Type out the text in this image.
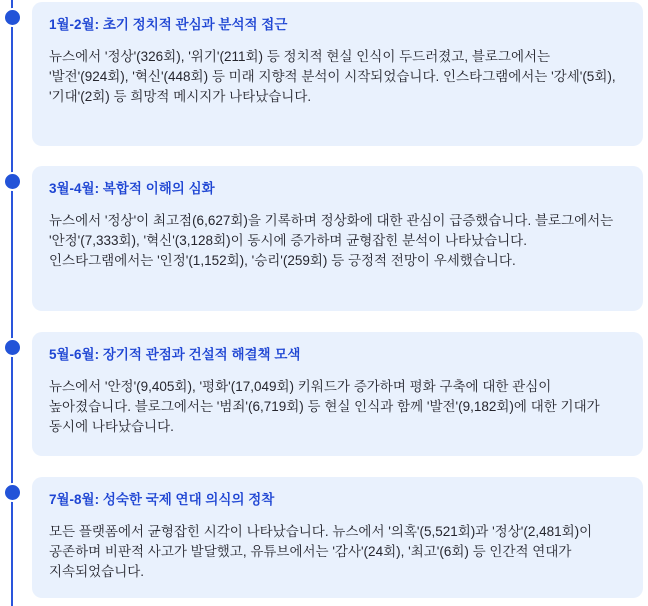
1월-2월: 초기 정치적 관심과 분석적 접근

뉴스에서 '정상'(326회), '위기'(211회) 등 정치적 현실 인식이 두드러졌고, 블로그에서는 '발전'(924회), '혁신'(448회) 등 미래 지향적 분석이 시작되었습니다. 인스타그램에서는 '강세'(5회), '기대'(2회) 등 희망적 메시지가 나타났습니다.

3월-4월: 복합적 이해의 심화

뉴스에서 '정상'이 최고점(6,627회)을 기록하며 정상화에 대한 관심이 급증했습니다. 블로그에서는 '안정'(7,333회), '혁신'(3,128회)이 동시에 증가하며 균형잡힌 분석이 나타났습니다. 인스타그램에서는 '인정'(1,152회), '승리'(259회) 등 긍정적 전망이 우세했습니다.

5월-6월: 장기적 관점과 건설적 해결책 모색

뉴스에서 '안정'(9,405회), '평화'(17,049회) 키워드가 증가하며 평화 구축에 대한 관심이 높아졌습니다. 블로그에서는 '범죄'(6,719회) 등 현실 인식과 함께 '발전'(9,182회)에 대한 기대가 동시에 나타났습니다.

7월-8월: 성숙한 국제 연대 의식의 정착

모든 플랫폼에서 균형잡힌 시각이 나타났습니다. 뉴스에서 '의혹'(5,521회)과 '정상'(2,481회)이 공존하며 비판적 사고가 발달했고, 유튜브에서는 '감사'(24회), '최고'(6회) 등 인간적 연대가 지속되었습니다.
